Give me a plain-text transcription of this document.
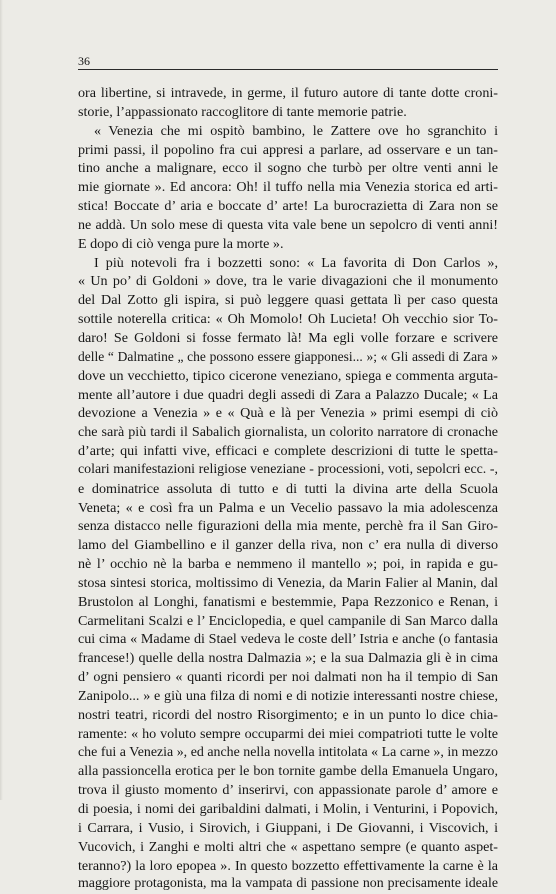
36
ora libertine, si intravede, in germe, il futuro autore di tante dotte croni-
storie, l’appassionato raccoglitore di tante memorie patrie.
« Venezia che mi ospitò bambino, le Zattere ove ho sgranchito i
primi passi, il popolino fra cui appresi a parlare, ad osservare e un tan-
tino anche a malignare, ecco il sogno che turbò per oltre venti anni le
mie giornate ». Ed ancora: Oh! il tuffo nella mia Venezia storica ed arti-
stica! Boccate d’ aria e boccate d’ arte! La burocrazietta di Zara non se
ne addà. Un solo mese di questa vita vale bene un sepolcro di venti anni!
E dopo di ciò venga pure la morte ».
I più notevoli fra i bozzetti sono: « La favorita di Don Carlos »,
« Un po’ di Goldoni » dove, tra le varie divagazioni che il monumento
del Dal Zotto gli ispira, si può leggere quasi gettata lì per caso questa
sottile noterella critica: « Oh Momolo! Oh Lucieta! Oh vecchio sior To-
daro! Se Goldoni si fosse fermato là! Ma egli volle forzare e scrivere
delle “ Dalmatine „ che possono essere giapponesi... »; « Gli assedi di Zara »
dove un vecchietto, tipico cicerone veneziano, spiega e commenta arguta-
mente all’autore i due quadri degli assedi di Zara a Palazzo Ducale; « La
devozione a Venezia » e « Quà e là per Venezia » primi esempi di ciò
che sarà più tardi il Sabalich giornalista, un colorito narratore di cronache
d’arte; qui infatti vive, efficaci e complete descrizioni di tutte le spetta-
colari manifestazioni religiose veneziane - processioni, voti, sepolcri ecc. -,
e dominatrice assoluta di tutto e di tutti la divina arte della Scuola
Veneta; « e così fra un Palma e un Vecelio passavo la mia adolescenza
senza distacco nelle figurazioni della mia mente, perchè fra il San Giro-
lamo del Giambellino e il ganzer della riva, non c’ era nulla di diverso
nè l’ occhio nè la barba e nemmeno il mantello »; poi, in rapida e gu-
stosa sintesi storica, moltissimo di Venezia, da Marin Falier al Manin, dal
Brustolon al Longhi, fanatismi e bestemmie, Papa Rezzonico e Renan, i
Carmelitani Scalzi e l’ Enciclopedia, e quel campanile di San Marco dalla
cui cima « Madame di Stael vedeva le coste dell’ Istria e anche (o fantasia
francese!) quelle della nostra Dalmazia »; e la sua Dalmazia gli è in cima
d’ ogni pensiero « quanti ricordi per noi dalmati non ha il tempio di San
Zanipolo... » e giù una filza di nomi e di notizie interessanti nostre chiese,
nostri teatri, ricordi del nostro Risorgimento; e in un punto lo dice chia-
ramente: « ho voluto sempre occuparmi dei miei compatrioti tutte le volte
che fui a Venezia », ed anche nella novella intitolata « La carne », in mezzo
alla passioncella erotica per le bon tornite gambe della Emanuela Ungaro,
trova il giusto momento d’ inserirvi, con appassionate parole d’ amore e
di poesia, i nomi dei garibaldini dalmati, i Molin, i Venturini, i Popovich,
i Carrara, i Vusio, i Sirovich, i Giuppani, i De Giovanni, i Viscovich, i
Vucovich, i Zanghi e molti altri che « aspettano sempre (e quanto aspet-
teranno?) la loro epopea ». In questo bozzetto effettivamente la carne è la
maggiore protagonista, ma la vampata di passione non precisamente ideale
